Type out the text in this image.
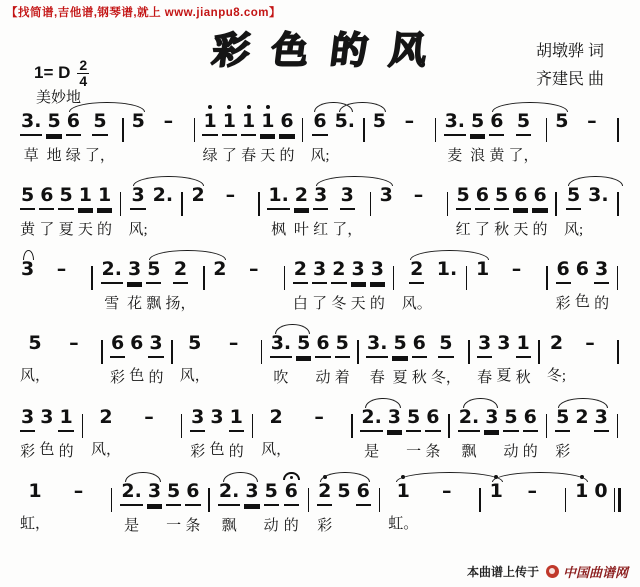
【找简谱,吉他谱,钢琴谱,就上 www.jianpu8.com】
彩色的风	胡墩骅 词
齐建民 曲
1= D $\frac{2}{4}$
美妙地
3.
草
5
地
6
绿
5
了，
5 – 1
绿
1
了
1
春
1
天
6
的
6
风;
5. 5 – 3.
麦
5
浪
6
黄
5
了，
5 –
5
黄
6
了
5
夏
1
天
1
的
3
风;
2. 2 – 1.
枫
2
叶
3
红
3
了，
3 – 5
红
6
了
5
秋
6
天
6
的
5
风;
3.
3 – 2.
雪
3
花
5
飘
2
扬，
2 – 2
白
3
了
2
冬
3
天
3
的
2
风。
1. 1 – 6
彩
6
色
3
的
5
风，
– 6
彩
6
色
3
的
5
风，
– 3.
吹
5 6
动
5
着
3.
春
5
夏
6
秋
5
冬，
3
春
3
夏
1
秋
2
冬;
–
3
彩
3
色
1
的
2
风，
– 3
彩
3
色
1
的
2
风，
– 2.
是
3 5
一
6
条
2.
飘
3 5
动
6
的
5
彩
2 3
1
虹，
– 2.
是
3 5
一
6
条
2.
飘
3 5
动
6
的
2
彩
5 6 1
虹。
– 1 – 1 0
本曲谱上传于 中国曲谱网
